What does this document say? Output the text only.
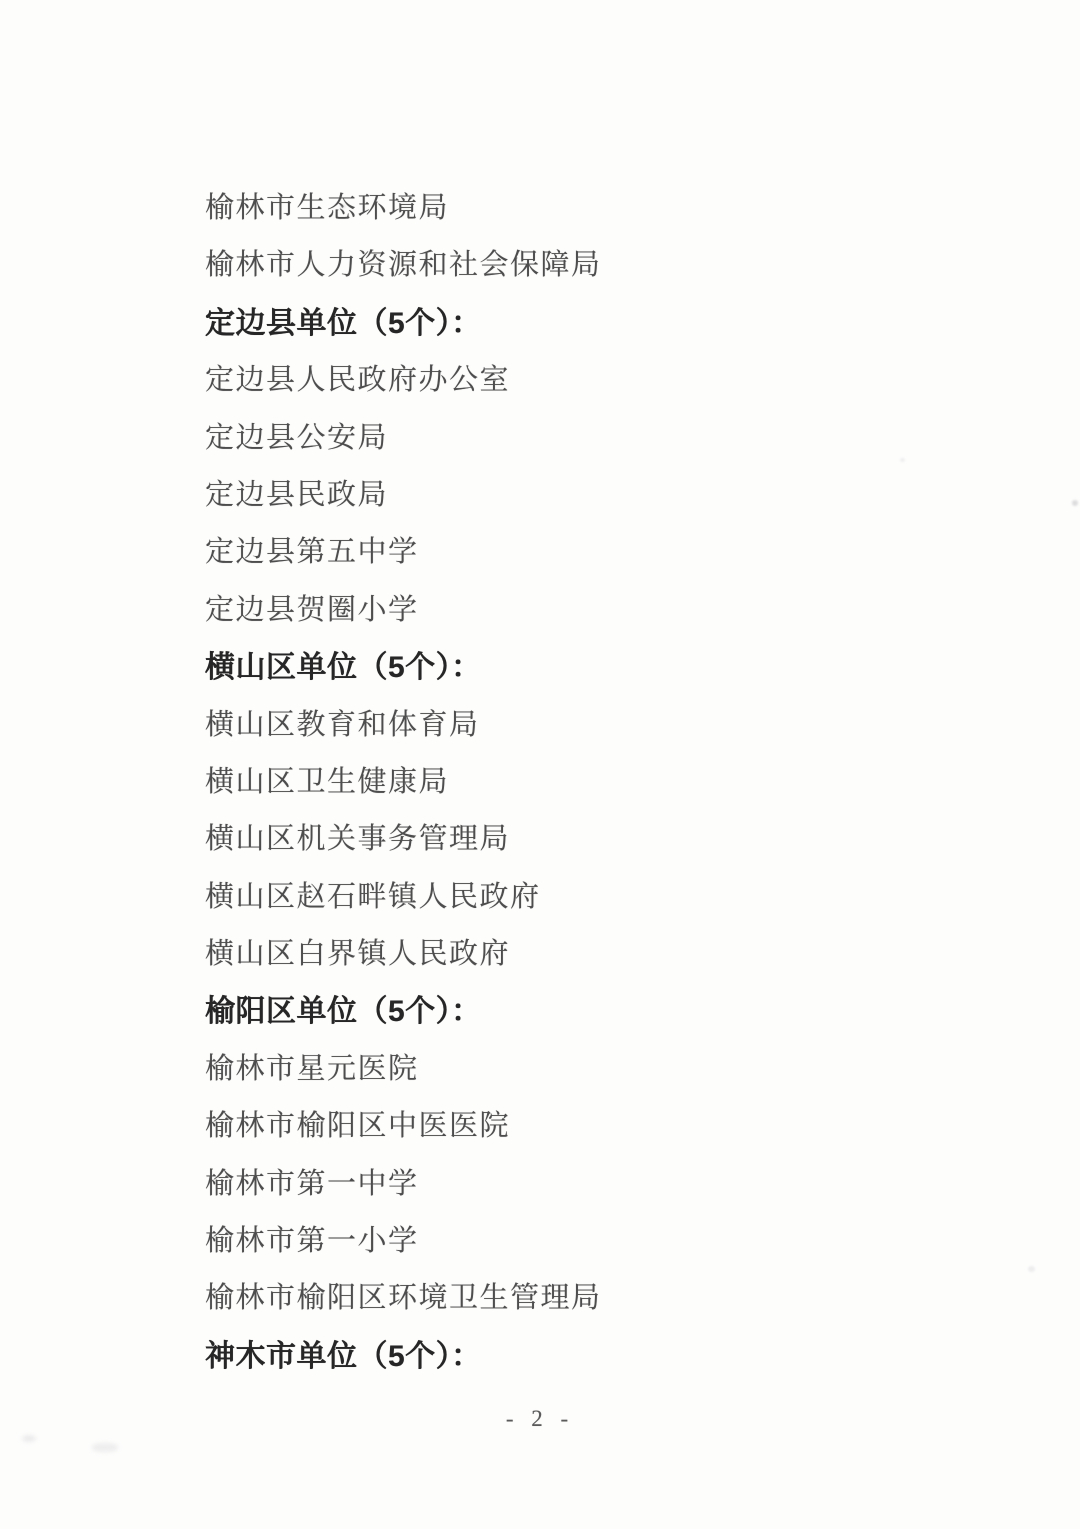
榆林市生态环境局
榆林市人力资源和社会保障局
定边县单位（5个）：
定边县人民政府办公室
定边县公安局
定边县民政局
定边县第五中学
定边县贺圈小学
横山区单位（5个）：
横山区教育和体育局
横山区卫生健康局
横山区机关事务管理局
横山区赵石畔镇人民政府
横山区白界镇人民政府
榆阳区单位（5个）：
榆林市星元医院
榆林市榆阳区中医医院
榆林市第一中学
榆林市第一小学
榆林市榆阳区环境卫生管理局
神木市单位（5个）：
- 2 -
